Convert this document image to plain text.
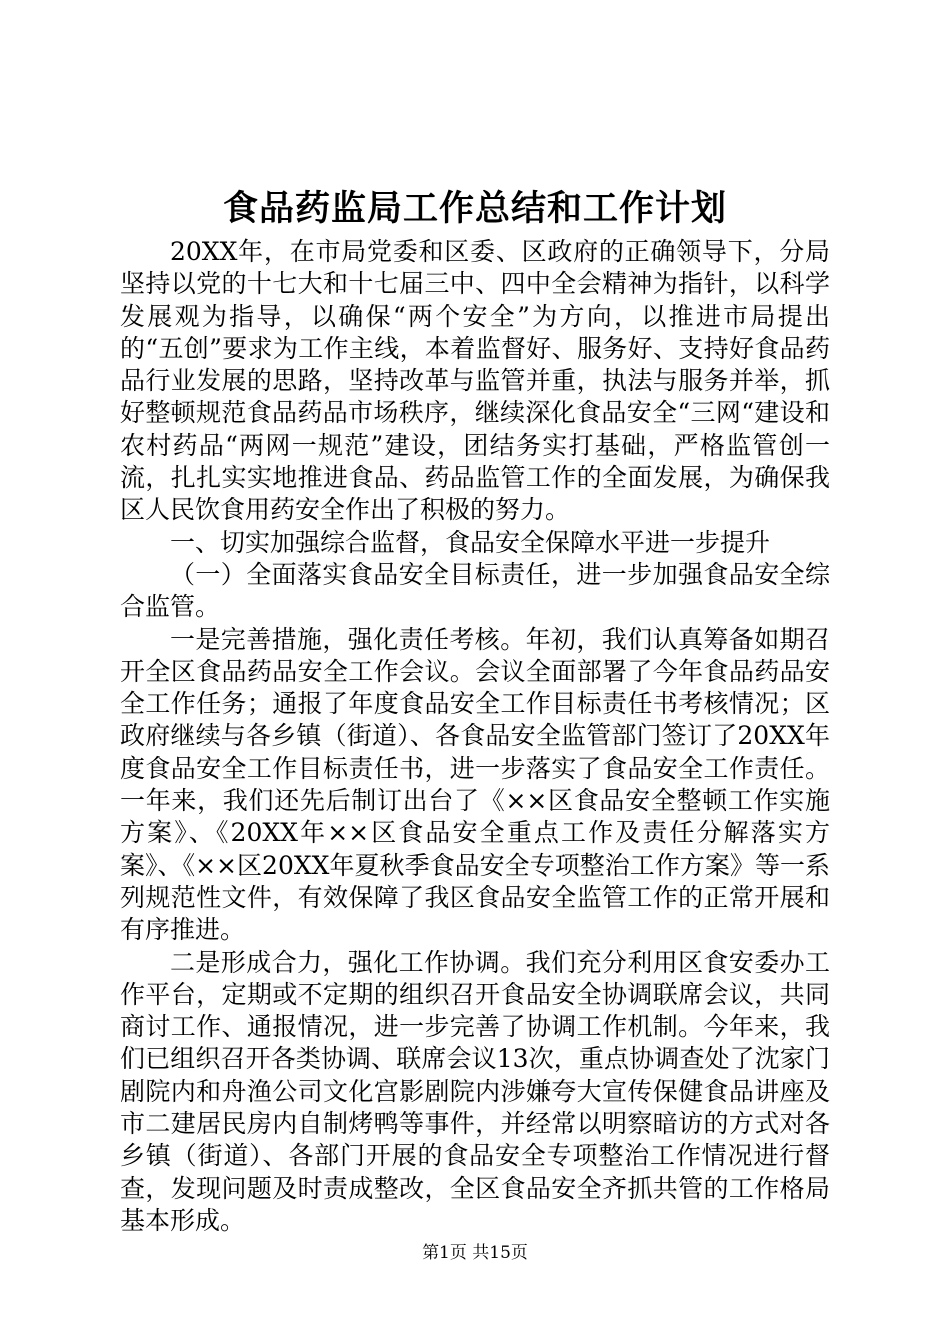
食品药监局工作总结和工作计划

20XX年，在市局党委和区委、区政府的正确领导下，分局坚持以党的十七大和十七届三中、四中全会精神为指针，以科学发展观为指导，以确保“两个安全”为方向，以推进市局提出的“五创”要求为工作主线，本着监督好、服务好、支持好食品药品行业发展的思路，坚持改革与监管并重，执法与服务并举，抓好整顿规范食品药品市场秩序，继续深化食品安全“三网“建设和农村药品“两网一规范”建设，团结务实打基础，严格监管创一流，扎扎实实地推进食品、药品监管工作的全面发展，为确保我区人民饮食用药安全作出了积极的努力。

一、切实加强综合监督，食品安全保障水平进一步提升

（一）全面落实食品安全目标责任，进一步加强食品安全综合监管。

一是完善措施，强化责任考核。年初，我们认真筹备如期召开全区食品药品安全工作会议。会议全面部署了今年食品药品安全工作任务；通报了年度食品安全工作目标责任书考核情况；区政府继续与各乡镇（街道）、各食品安全监管部门签订了20XX年度食品安全工作目标责任书，进一步落实了食品安全工作责任。一年来，我们还先后制订出台了《××区食品安全整顿工作实施方案》、《20XX年××区食品安全重点工作及责任分解落实方案》、《××区20XX年夏秋季食品安全专项整治工作方案》等一系列规范性文件，有效保障了我区食品安全监管工作的正常开展和有序推进。

二是形成合力，强化工作协调。我们充分利用区食安委办工作平台，定期或不定期的组织召开食品安全协调联席会议，共同商讨工作、通报情况，进一步完善了协调工作机制。今年来，我们已组织召开各类协调、联席会议13次，重点协调查处了沈家门剧院内和舟渔公司文化宫影剧院内涉嫌夸大宣传保健食品讲座及市二建居民房内自制烤鸭等事件，并经常以明察暗访的方式对各乡镇（街道）、各部门开展的食品安全专项整治工作情况进行督查，发现问题及时责成整改，全区食品安全齐抓共管的工作格局基本形成。

第1页 共15页
